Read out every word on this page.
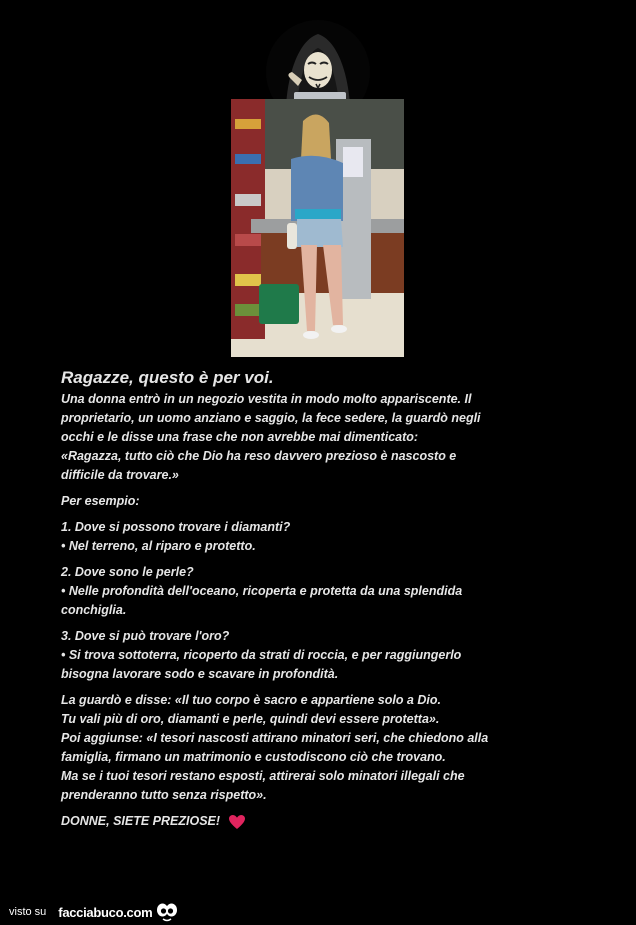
Ragazze, questo è per voi.
Una donna entrò in un negozio vestita in modo molto appariscente. Il
proprietario, un uomo anziano e saggio, la fece sedere, la guardò negli
occhi e le disse una frase che non avrebbe mai dimenticato:
«Ragazza, tutto ciò che Dio ha reso davvero prezioso è nascosto e
difficile da trovare.»
Per esempio:
1. Dove si possono trovare i diamanti?
• Nel terreno, al riparo e protetto.
2. Dove sono le perle?
• Nelle profondità dell'oceano, ricoperta e protetta da una splendida
conchiglia.
3. Dove si può trovare l'oro?
• Si trova sottoterra, ricoperto da strati di roccia, e per raggiungerlo
bisogna lavorare sodo e scavare in profondità.
La guardò e disse: «Il tuo corpo è sacro e appartiene solo a Dio.
Tu vali più di oro, diamanti e perle, quindi devi essere protetta».
Poi aggiunse: «I tesori nascosti attirano minatori seri, che chiedono alla
famiglia, firmano un matrimonio e custodiscono ciò che trovano.
Ma se i tuoi tesori restano esposti, attirerai solo minatori illegali che
prenderanno tutto senza rispetto».
DONNE, SIETE PREZIOSE!
visto su facciabuco.com
